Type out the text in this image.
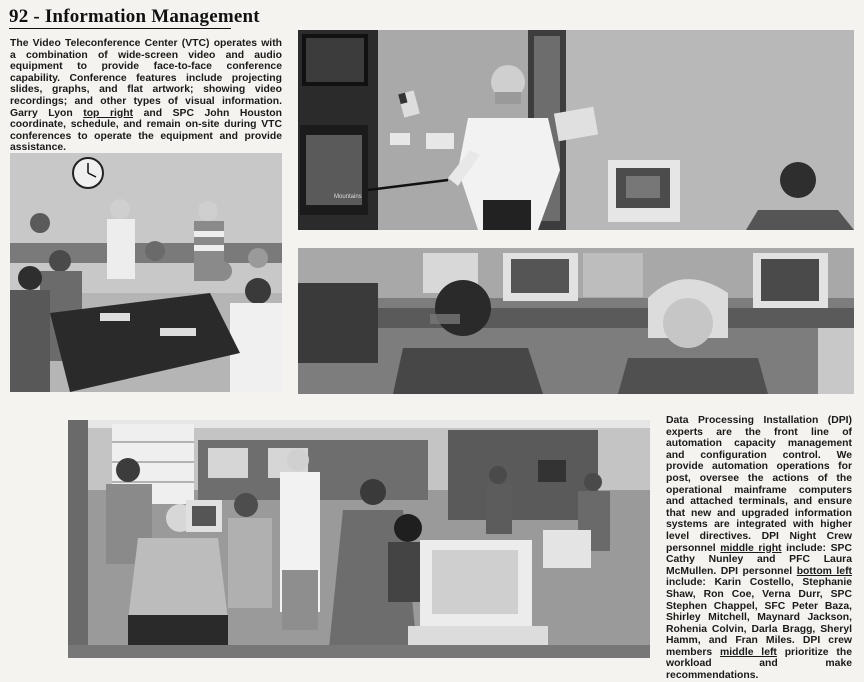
92 - Information Management
The Video Teleconference Center (VTC) operates with a combination of wide-screen video and audio equipment to provide face-to-face conference capability. Conference features include projecting slides, graphs, and flat artwork; showing video recordings; and other types of visual information. Garry Lyon top right and SPC John Houston coordinate, schedule, and remain on-site during VTC conferences to operate the equipment and provide assistance.
Data Processing Installation (DPI) experts are the front line of automation capacity management and configuration control. We provide automation operations for post, oversee the actions of the operational mainframe computers and attached terminals, and ensure that new and upgraded information systems are integrated with higher level directives. DPI Night Crew personnel middle right include: SPC Cathy Nunley and PFC Laura McMullen. DPI personnel bottom left include: Karin Costello, Stephanie Shaw, Ron Coe, Verna Durr, SPC Stephen Chappel, SFC Peter Baza, Shirley Mitchell, Maynard Jackson, Rohenia Colvin, Darla Bragg, Sheryl Hamm, and Fran Miles. DPI crew members middle left prioritize the workload and make recommendations.
Mountains
